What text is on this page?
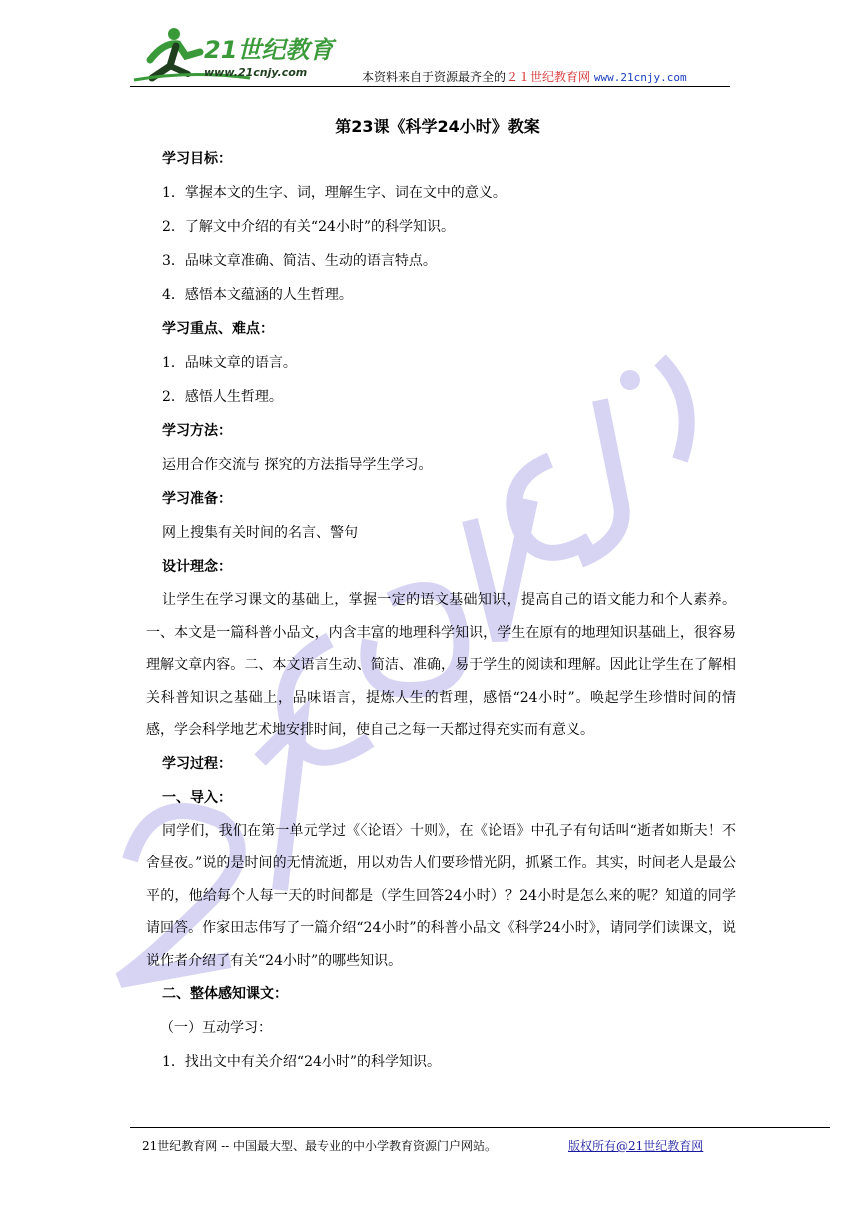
21世纪教育
www.21cnjy.com	本资料来自于资源最齐全的２１世纪教育网 www.21cnjy.com
第23课《科学24小时》教案
学习目标：
1．掌握本文的生字、词，理解生字、词在文中的意义。
2．了解文中介绍的有关“24小时”的科学知识。
3．品味文章准确、简洁、生动的语言特点。
4．感悟本文蕴涵的人生哲理。
学习重点、难点：
1．品味文章的语言。
2．感悟人生哲理。
学习方法：
运用合作交流与 探究的方法指导学生学习。
学习准备：
网上搜集有关时间的名言、警句
设计理念：
让学生在学习课文的基础上，掌握一定的语文基础知识，提高自己的语文能力和个人素养。一、本文是一篇科普小品文，内含丰富的地理科学知识，学生在原有的地理知识基础上，很容易理解文章内容。二、本文语言生动、简洁、准确，易于学生的阅读和理解。因此让学生在了解相关科普知识之基础上，品味语言，提炼人生的哲理，感悟“24小时”。唤起学生珍惜时间的情感，学会科学地艺术地安排时间，使自己之每一天都过得充实而有意义。
学习过程：
一、导入：
同学们，我们在第一单元学过《〈论语〉十则》，在《论语》中孔子有句话叫“逝者如斯夫！不舍昼夜。”说的是时间的无情流逝，用以劝告人们要珍惜光阴，抓紧工作。其实，时间老人是最公平的，他给每个人每一天的时间都是（学生回答24小时）？24小时是怎么来的呢？知道的同学请回答。作家田志伟写了一篇介绍“24小时”的科普小品文《科学24小时》，请同学们读课文，说说作者介绍了有关“24小时”的哪些知识。
二、整体感知课文：
（一）互动学习：
1．找出文中有关介绍“24小时”的科学知识。
21世纪教育网 -- 中国最大型、最专业的中小学教育资源门户网站。	版权所有@21世纪教育网
